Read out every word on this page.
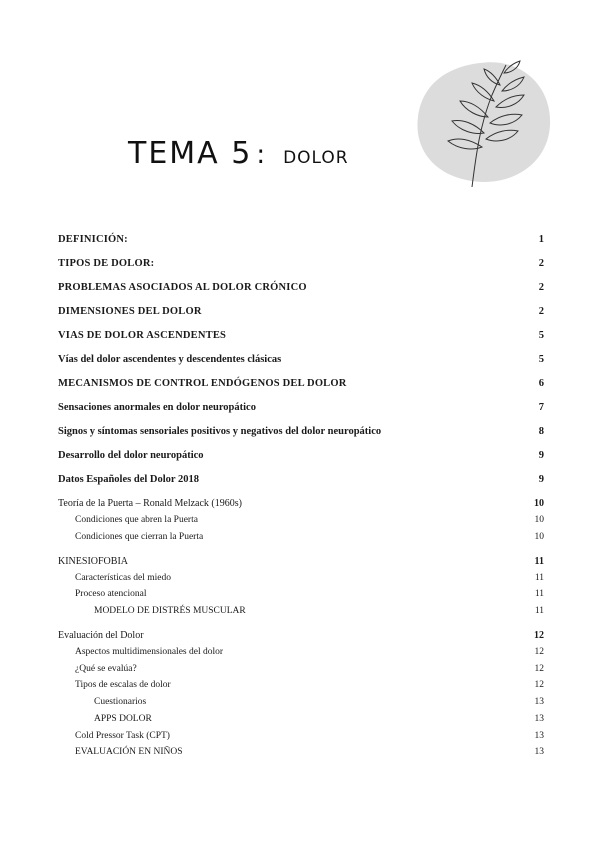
TEMA 5 : DOLOR
DEFINICIÓN:	1
TIPOS DE DOLOR:	2
PROBLEMAS ASOCIADOS AL DOLOR CRÓNICO	2
DIMENSIONES DEL DOLOR	2
VIAS DE DOLOR ASCENDENTES	5
Vías del dolor ascendentes y descendentes clásicas	5
MECANISMOS DE CONTROL ENDÓGENOS DEL DOLOR	6
Sensaciones anormales en dolor neuropático	7
Signos y síntomas sensoriales positivos y negativos del dolor neuropático	8
Desarrollo del dolor neuropático	9
Datos Españoles del Dolor 2018	9
Teoría de la Puerta – Ronald Melzack (1960s)	10
Condiciones que abren la Puerta	10
Condiciones que cierran la Puerta	10
KINESIOFOBIA	11
Características del miedo	11
Proceso atencional	11
MODELO DE DISTRÉS MUSCULAR	11
Evaluación del Dolor	12
Aspectos multidimensionales del dolor	12
¿Qué se evalúa?	12
Tipos de escalas de dolor	12
Cuestionarios	13
APPS DOLOR	13
Cold Pressor Task (CPT)	13
EVALUACIÓN EN NIÑOS	13
